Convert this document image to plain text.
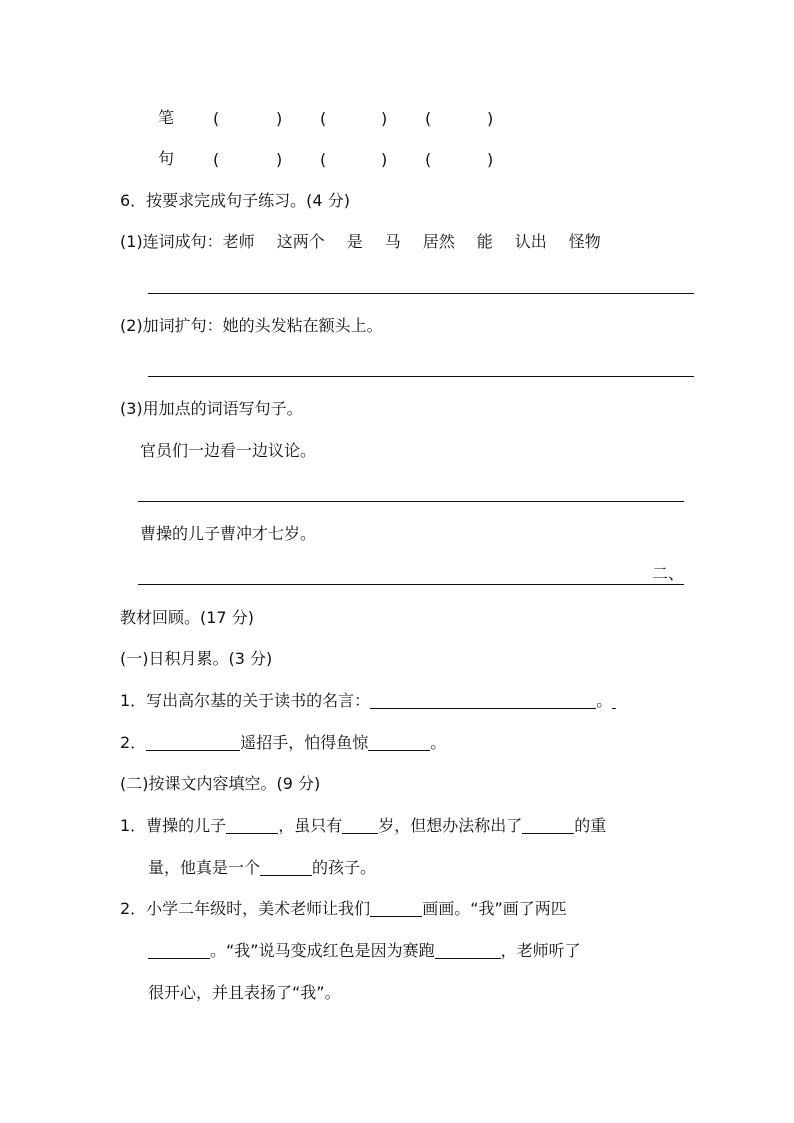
笔 (	) (	) (	)
句 (	) (	) (	)
6．按要求完成句子练习。(4 分)
(1)连词成句：老师 这两个 是 马 居然 能 认出 怪物
(2)加词扩句：她的头发粘在额头上。
(3)用加点的词语写句子。
官员们一边看一边议论。
曹操的儿子曹冲才七岁。
二、
教材回顾。(17 分)
(一)日积月累。(3 分)
1．写出高尔基的关于读书的名言：	。
2．	遥招手，怕得鱼惊	。
(二)按课文内容填空。(9 分)
1．曹操的儿子	，虽只有 岁，但想办法称出了	的重
量，他真是一个	的孩子。
2．小学二年级时，美术老师让我们	画画。“我”画了两匹
。“我”说马变成红色是因为赛跑	，老师听了
很开心，并且表扬了“我”。
